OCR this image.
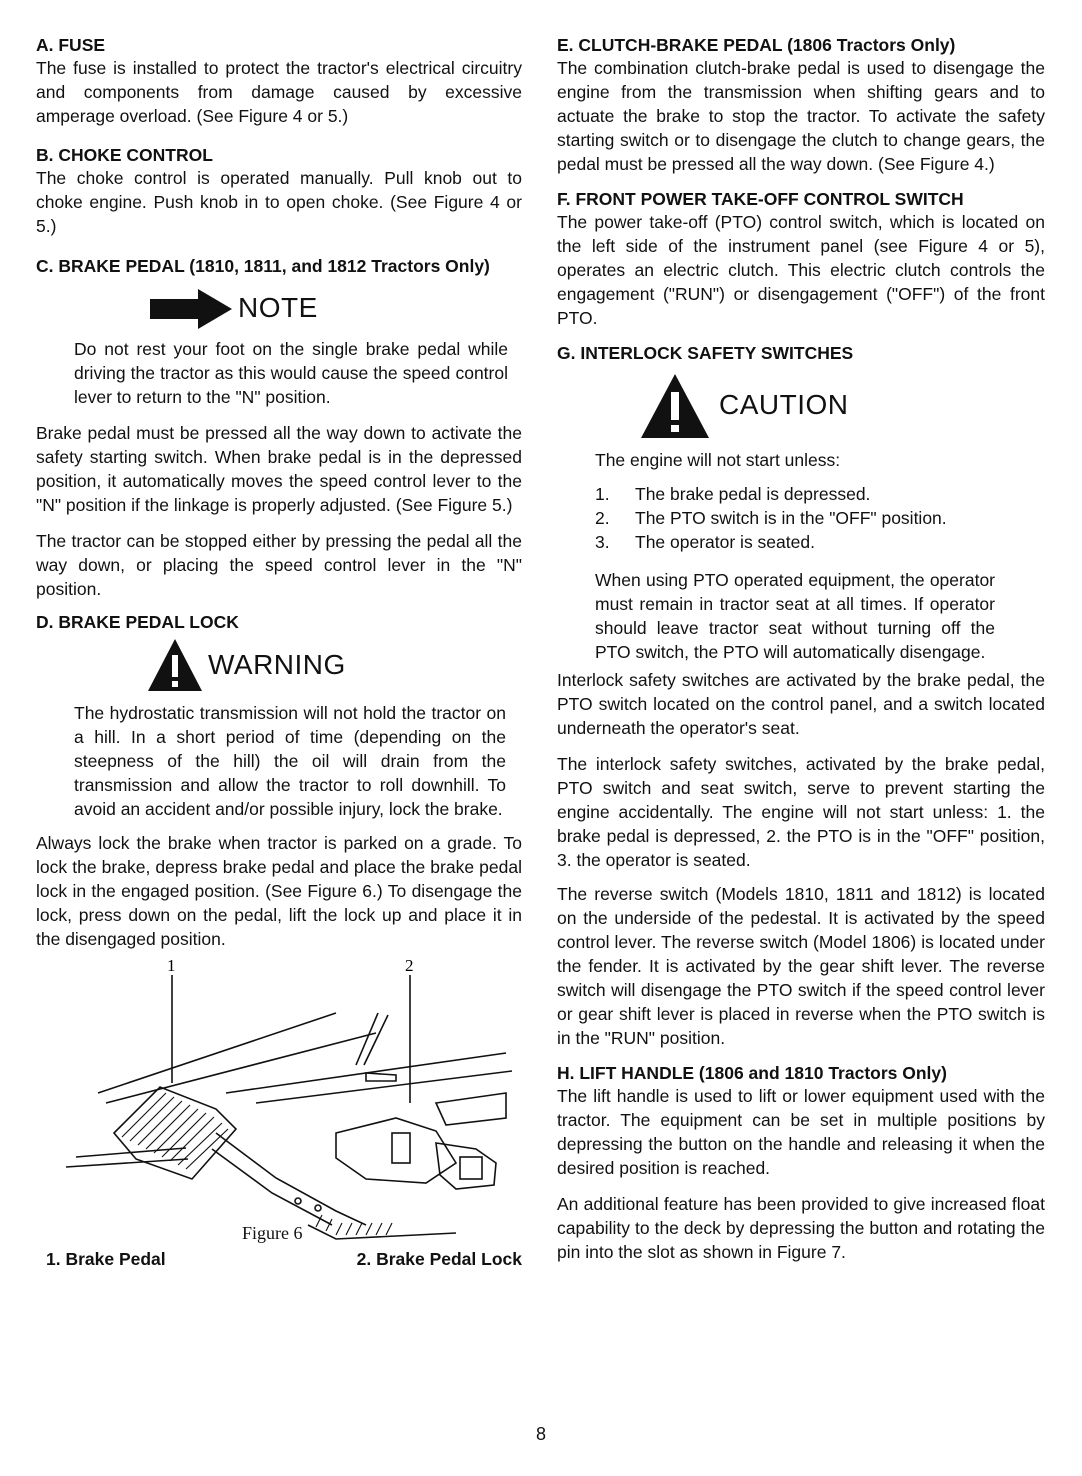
A. FUSE

The fuse is installed to protect the tractor's electrical circuitry and components from damage caused by excessive amperage overload. (See Figure 4 or 5.)

B. CHOKE CONTROL

The choke control is operated manually. Pull knob out to choke engine. Push knob in to open choke. (See Figure 4 or 5.)

C. BRAKE PEDAL (1810, 1811, and 1812 Tractors Only)
NOTE

Do not rest your foot on the single brake pedal while driving the tractor as this would cause the speed control lever to return to the "N" position.

Brake pedal must be pressed all the way down to activate the safety starting switch. When brake pedal is in the depressed position, it automatically moves the speed control lever to the "N" position if the linkage is properly adjusted. (See Figure 5.)

The tractor can be stopped either by pressing the pedal all the way down, or placing the speed control lever in the "N" position.

D. BRAKE PEDAL LOCK
WARNING

The hydrostatic transmission will not hold the tractor on a hill. In a short period of time (depending on the steepness of the hill) the oil will drain from the transmission and allow the tractor to roll downhill. To avoid an accident and/or possible injury, lock the brake.

Always lock the brake when tractor is parked on a grade. To lock the brake, depress brake pedal and place the brake pedal lock in the engaged position. (See Figure 6.) To disengage the lock, press down on the pedal, lift the lock up and place it in the disengaged position.

1	2
Figure 6
1. Brake Pedal	2. Brake Pedal Lock
E. CLUTCH-BRAKE PEDAL (1806 Tractors Only)

The combination clutch-brake pedal is used to disengage the engine from the transmission when shifting gears and to actuate the brake to stop the tractor. To activate the safety starting switch or to disengage the clutch to change gears, the pedal must be pressed all the way down. (See Figure 4.)

F. FRONT POWER TAKE-OFF CONTROL SWITCH

The power take-off (PTO) control switch, which is located on the left side of the instrument panel (see Figure 4 or 5), operates an electric clutch. This electric clutch controls the engagement ("RUN") or disengagement ("OFF") of the front PTO.

G. INTERLOCK SAFETY SWITCHES
CAUTION

The engine will not start unless:

1.	The brake pedal is depressed.
2.	The PTO switch is in the "OFF" position.
3.	The operator is seated.

When using PTO operated equipment, the operator must remain in tractor seat at all times. If operator should leave tractor seat without turning off the PTO switch, the PTO will automatically disengage.

Interlock safety switches are activated by the brake pedal, the PTO switch located on the control panel, and a switch located underneath the operator's seat.

The interlock safety switches, activated by the brake pedal, PTO switch and seat switch, serve to prevent starting the engine accidentally. The engine will not start unless: 1. the brake pedal is depressed, 2. the PTO is in the "OFF" position, 3. the operator is seated.

The reverse switch (Models 1810, 1811 and 1812) is located on the underside of the pedestal. It is activated by the speed control lever. The reverse switch (Model 1806) is located under the fender. It is activated by the gear shift lever. The reverse switch will disengage the PTO switch if the speed control lever or gear shift lever is placed in reverse when the PTO switch is in the "RUN" position.

H. LIFT HANDLE (1806 and 1810 Tractors Only)

The lift handle is used to lift or lower equipment used with the tractor. The equipment can be set in multiple positions by depressing the button on the handle and releasing it when the desired position is reached.

An additional feature has been provided to give increased float capability to the deck by depressing the button and rotating the pin into the slot as shown in Figure 7.

8
